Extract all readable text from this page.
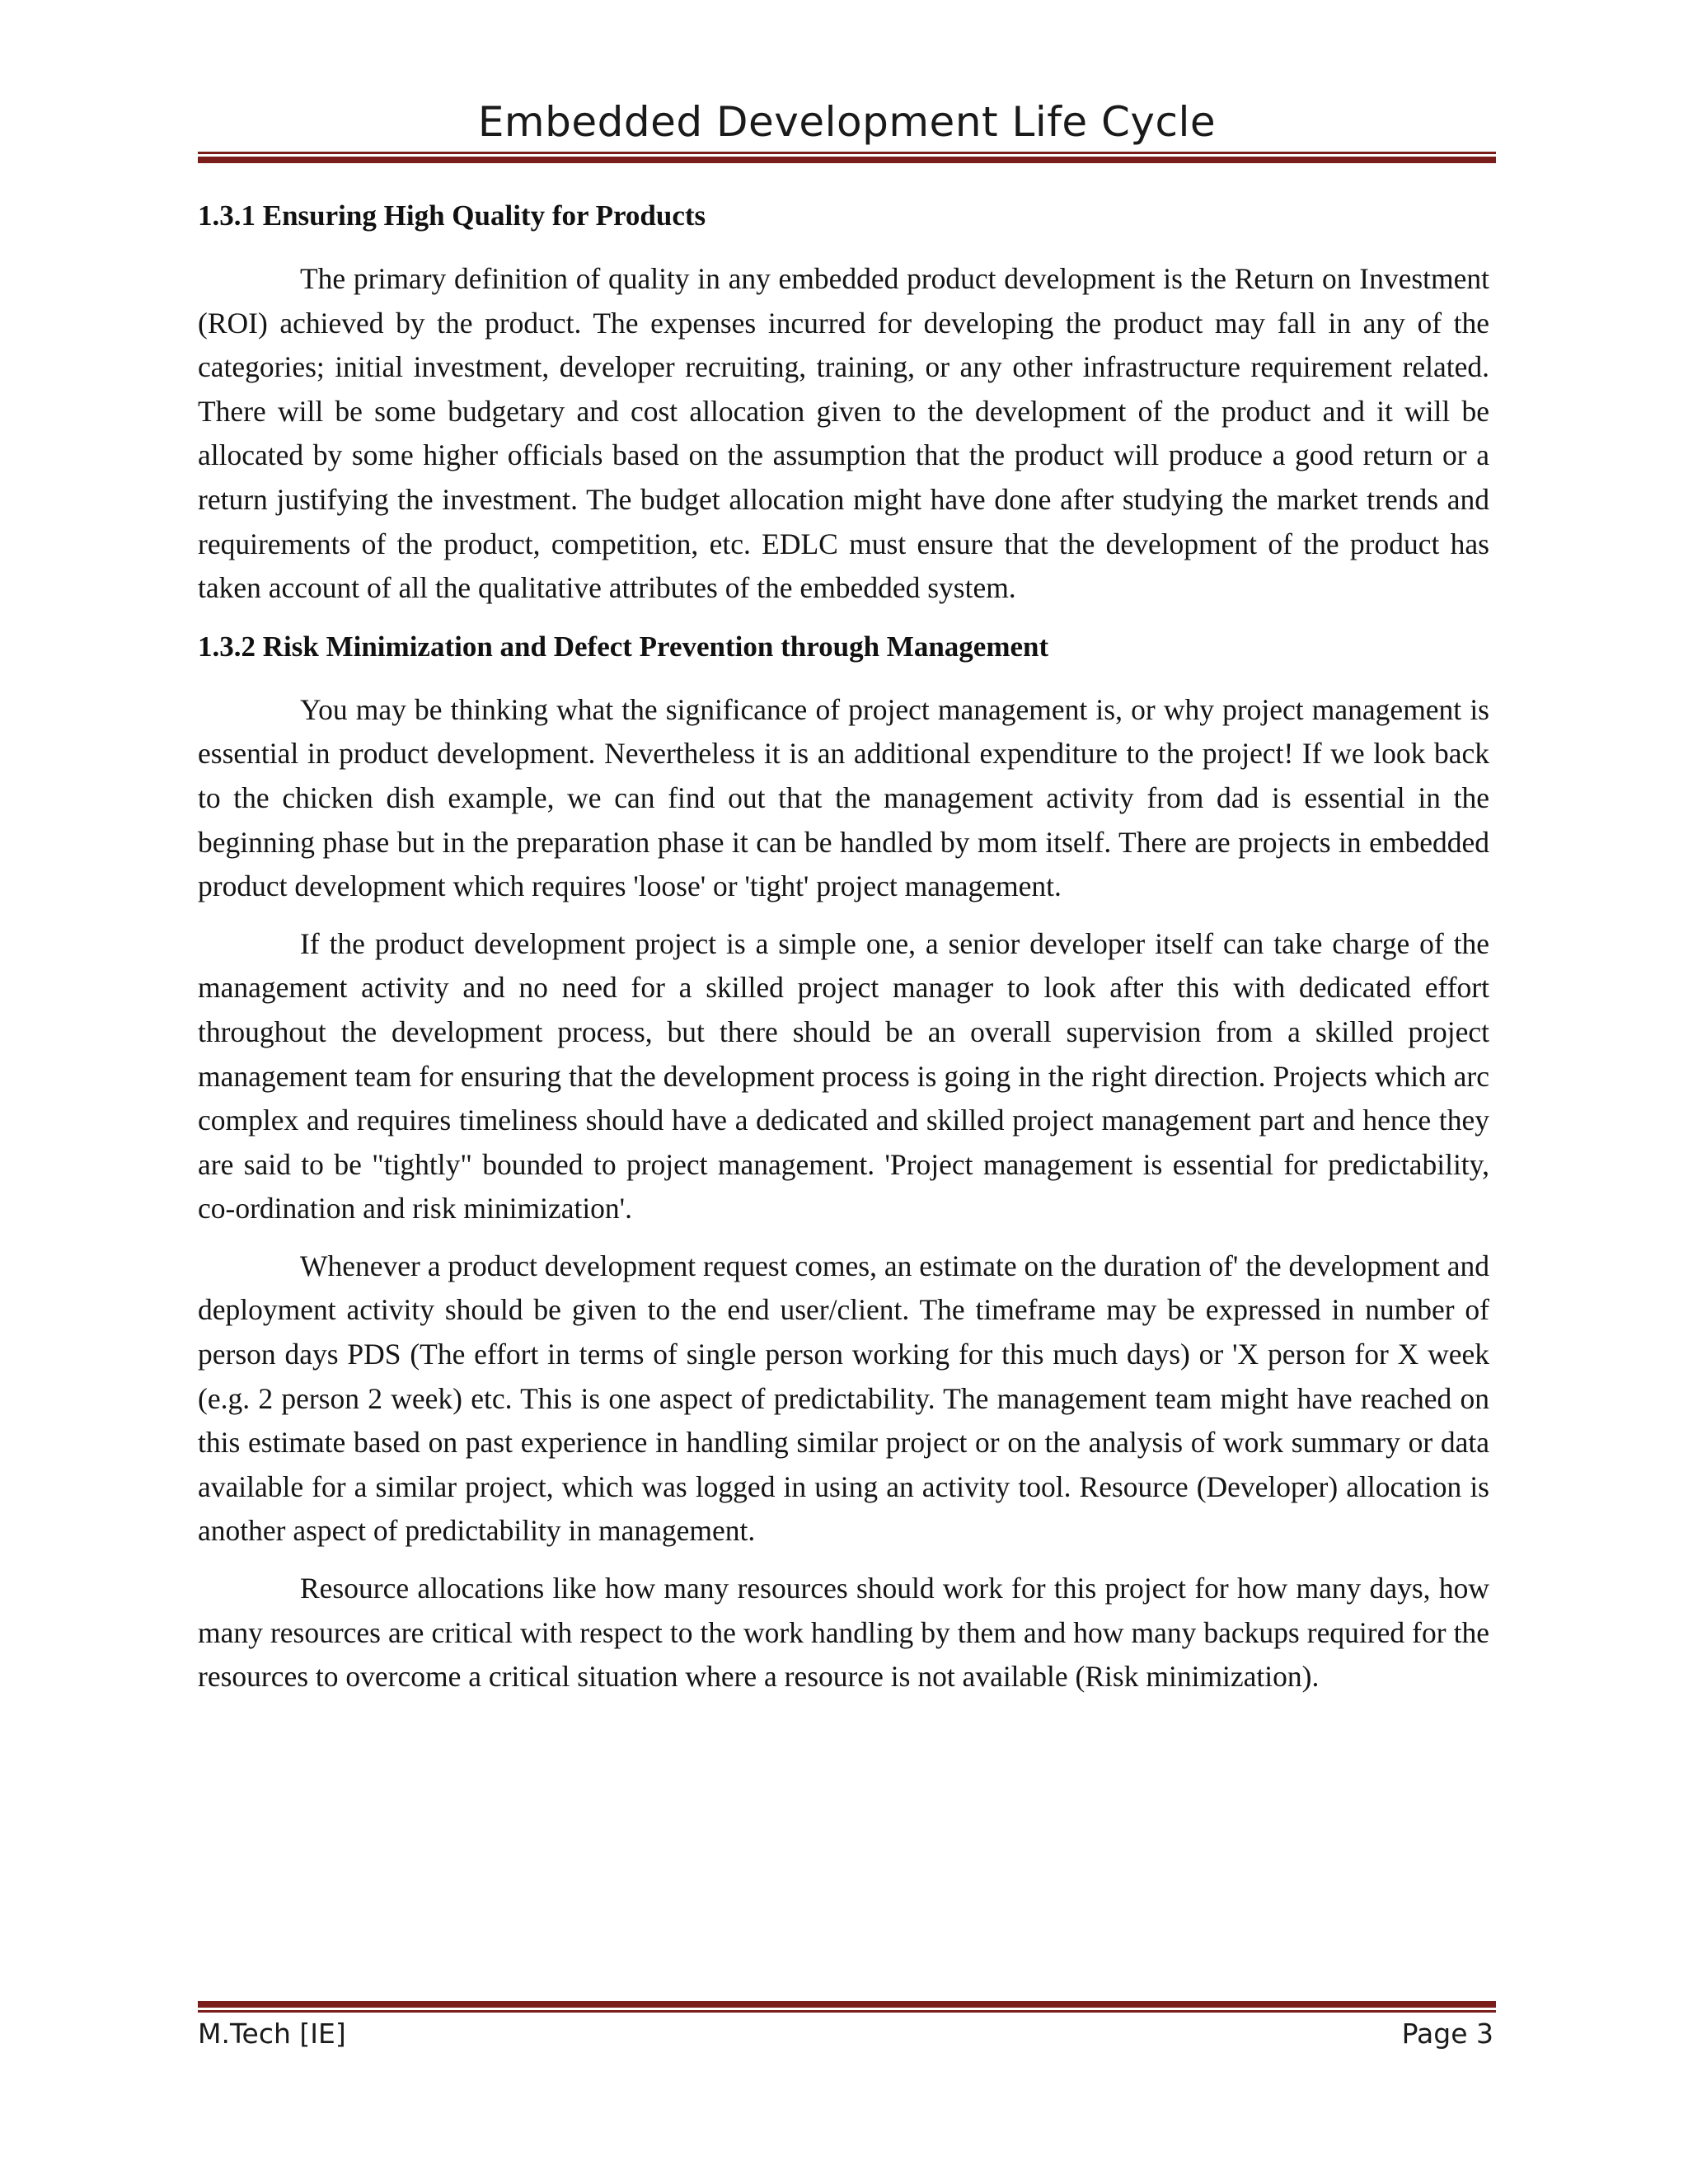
Embedded Development Life Cycle
1.3.1 Ensuring High Quality for Products

The primary definition of quality in any embedded product development is the Return on Investment (ROI) achieved by the product. The expenses incurred for developing the product may fall in any of the categories; initial investment, developer recruiting, training, or any other infrastructure requirement related. There will be some budgetary and cost allocation given to the development of the product and it will be allocated by some higher officials based on the assumption that the product will produce a good return or a return justifying the investment. The budget allocation might have done after studying the market trends and requirements of the product, competition, etc. EDLC must ensure that the development of the product has taken account of all the qualitative attributes of the embedded system.

1.3.2 Risk Minimization and Defect Prevention through Management

You may be thinking what the significance of project management is, or why project management is essential in product development. Nevertheless it is an additional expenditure to the project! If we look back to the chicken dish example, we can find out that the management activity from dad is essential in the beginning phase but in the preparation phase it can be handled by mom itself. There are projects in embedded product development which requires 'loose' or 'tight' project management.

If the product development project is a simple one, a senior developer itself can take charge of the management activity and no need for a skilled project manager to look after this with dedicated effort throughout the development process, but there should be an overall supervision from a skilled project management team for ensuring that the development process is going in the right direction. Projects which arc complex and requires timeliness should have a dedicated and skilled project management part and hence they are said to be "tightly" bounded to project management. 'Project management is essential for predictability, co-ordination and risk minimization'.

Whenever a product development request comes, an estimate on the duration of' the development and deployment activity should be given to the end user/client. The timeframe may be expressed in number of person days PDS (The effort in terms of single person working for this much days) or 'X person for X week (e.g. 2 person 2 week) etc. This is one aspect of predictability. The management team might have reached on this estimate based on past experience in handling similar project or on the analysis of work summary or data available for a similar project, which was logged in using an activity tool. Resource (Developer) allocation is another aspect of predictability in management.

Resource allocations like how many resources should work for this project for how many days, how many resources are critical with respect to the work handling by them and how many backups required for the resources to overcome a critical situation where a resource is not available (Risk minimization).

M.Tech [IE]	Page 3
